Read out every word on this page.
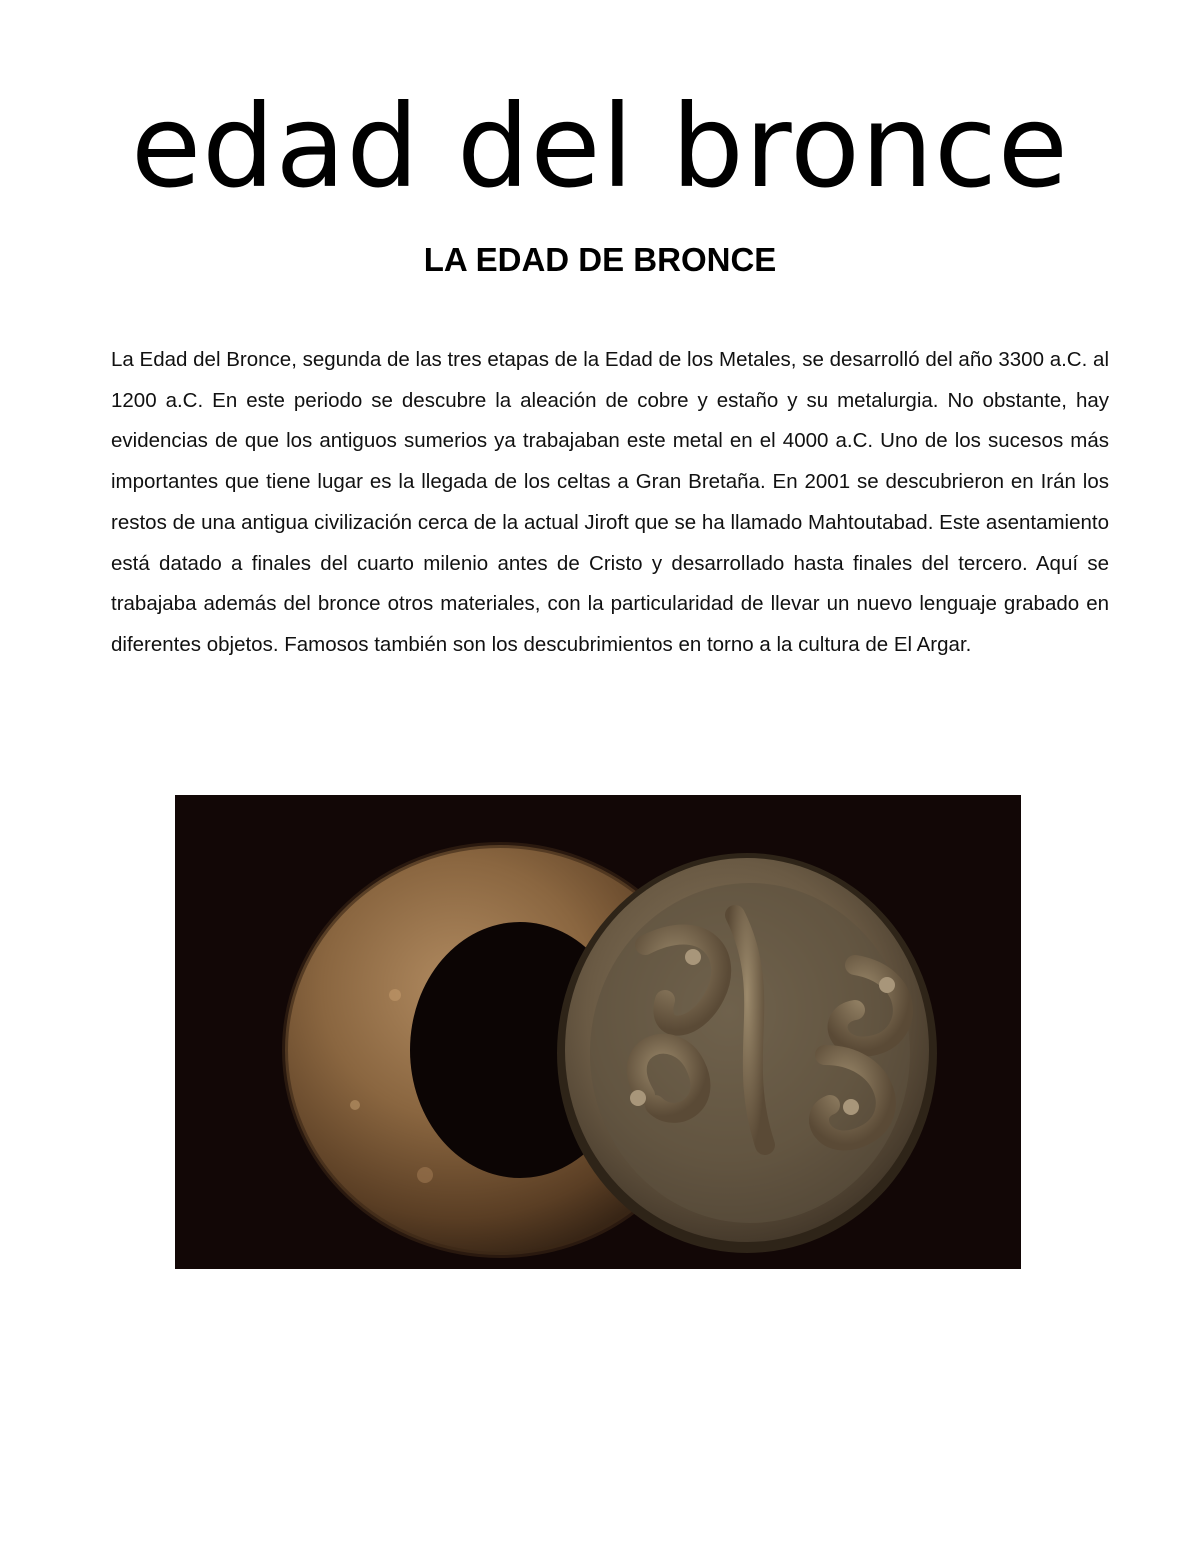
edad del bronce
LA EDAD DE BRONCE

La Edad del Bronce, segunda de las tres etapas de la Edad de los Metales, se desarrolló del año 3300 a.C. al 1200 a.C. En este periodo se descubre la aleación de cobre y estaño y su metalurgia. No obstante, hay evidencias de que los antiguos sumerios ya trabajaban este metal en el 4000 a.C. Uno de los sucesos más importantes que tiene lugar es la llegada de los celtas a Gran Bretaña. En 2001 se descubrieron en Irán los restos de una antigua civilización cerca de la actual Jiroft que se ha llamado Mahtoutabad. Este asentamiento está datado a finales del cuarto milenio antes de Cristo y desarrollado hasta finales del tercero. Aquí se trabajaba además del bronce otros materiales, con la particularidad de llevar un nuevo lenguaje grabado en diferentes objetos. Famosos también son los descubrimientos en torno a la cultura de El Argar.
